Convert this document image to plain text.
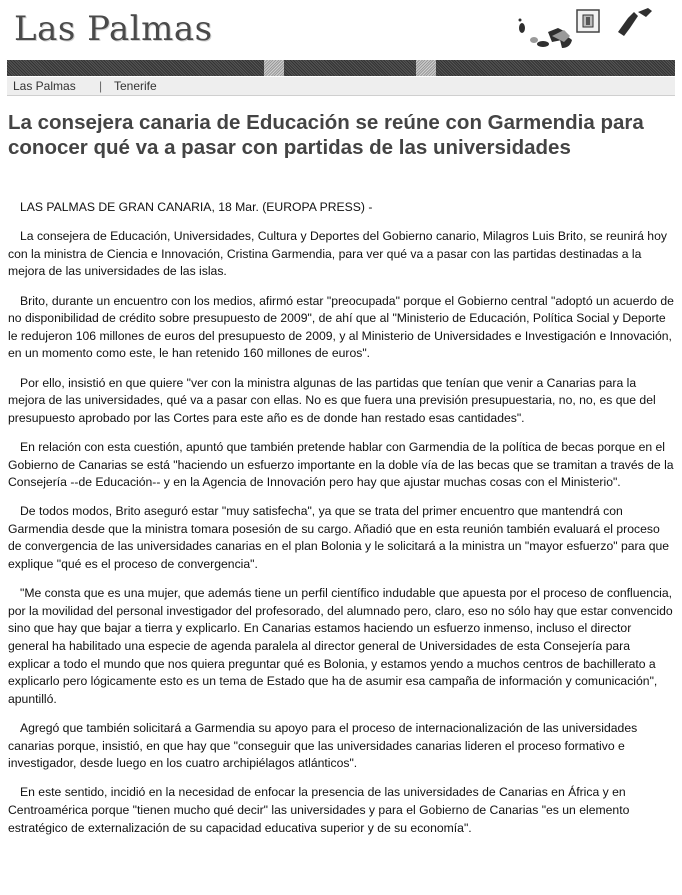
Las Palmas
Las Palmas | Tenerife
La consejera canaria de Educación se reúne con Garmendia para conocer qué va a pasar con partidas de las universidades

LAS PALMAS DE GRAN CANARIA, 18 Mar. (EUROPA PRESS) -

La consejera de Educación, Universidades, Cultura y Deportes del Gobierno canario, Milagros Luis Brito, se reunirá hoy con la ministra de Ciencia e Innovación, Cristina Garmendia, para ver qué va a pasar con las partidas destinadas a la mejora de las universidades de las islas.

Brito, durante un encuentro con los medios, afirmó estar "preocupada" porque el Gobierno central "adoptó un acuerdo de no disponibilidad de crédito sobre presupuesto de 2009", de ahí que al "Ministerio de Educación, Política Social y Deporte le redujeron 106 millones de euros del presupuesto de 2009, y al Ministerio de Universidades e Investigación e Innovación, en un momento como este, le han retenido 160 millones de euros".

Por ello, insistió en que quiere "ver con la ministra algunas de las partidas que tenían que venir a Canarias para la mejora de las universidades, qué va a pasar con ellas. No es que fuera una previsión presupuestaria, no, no, es que del presupuesto aprobado por las Cortes para este año es de donde han restado esas cantidades".

En relación con esta cuestión, apuntó que también pretende hablar con Garmendia de la política de becas porque en el Gobierno de Canarias se está "haciendo un esfuerzo importante en la doble vía de las becas que se tramitan a través de la Consejería --de Educación-- y en la Agencia de Innovación pero hay que ajustar muchas cosas con el Ministerio".

De todos modos, Brito aseguró estar "muy satisfecha", ya que se trata del primer encuentro que mantendrá con Garmendia desde que la ministra tomara posesión de su cargo. Añadió que en esta reunión también evaluará el proceso de convergencia de las universidades canarias en el plan Bolonia y le solicitará a la ministra un "mayor esfuerzo" para que explique "qué es el proceso de convergencia".

"Me consta que es una mujer, que además tiene un perfil científico indudable que apuesta por el proceso de confluencia, por la movilidad del personal investigador del profesorado, del alumnado pero, claro, eso no sólo hay que estar convencido sino que hay que bajar a tierra y explicarlo. En Canarias estamos haciendo un esfuerzo inmenso, incluso el director general ha habilitado una especie de agenda paralela al director general de Universidades de esta Consejería para explicar a todo el mundo que nos quiera preguntar qué es Bolonia, y estamos yendo a muchos centros de bachillerato a explicarlo pero lógicamente esto es un tema de Estado que ha de asumir esa campaña de información y comunicación", apuntilló.

Agregó que también solicitará a Garmendia su apoyo para el proceso de internacionalización de las universidades canarias porque, insistió, en que hay que "conseguir que las universidades canarias lideren el proceso formativo e investigador, desde luego en los cuatro archipiélagos atlánticos".

En este sentido, incidió en la necesidad de enfocar la presencia de las universidades de Canarias en África y en Centroamérica porque "tienen mucho qué decir" las universidades y para el Gobierno de Canarias "es un elemento estratégico de externalización de su capacidad educativa superior y de su economía".
